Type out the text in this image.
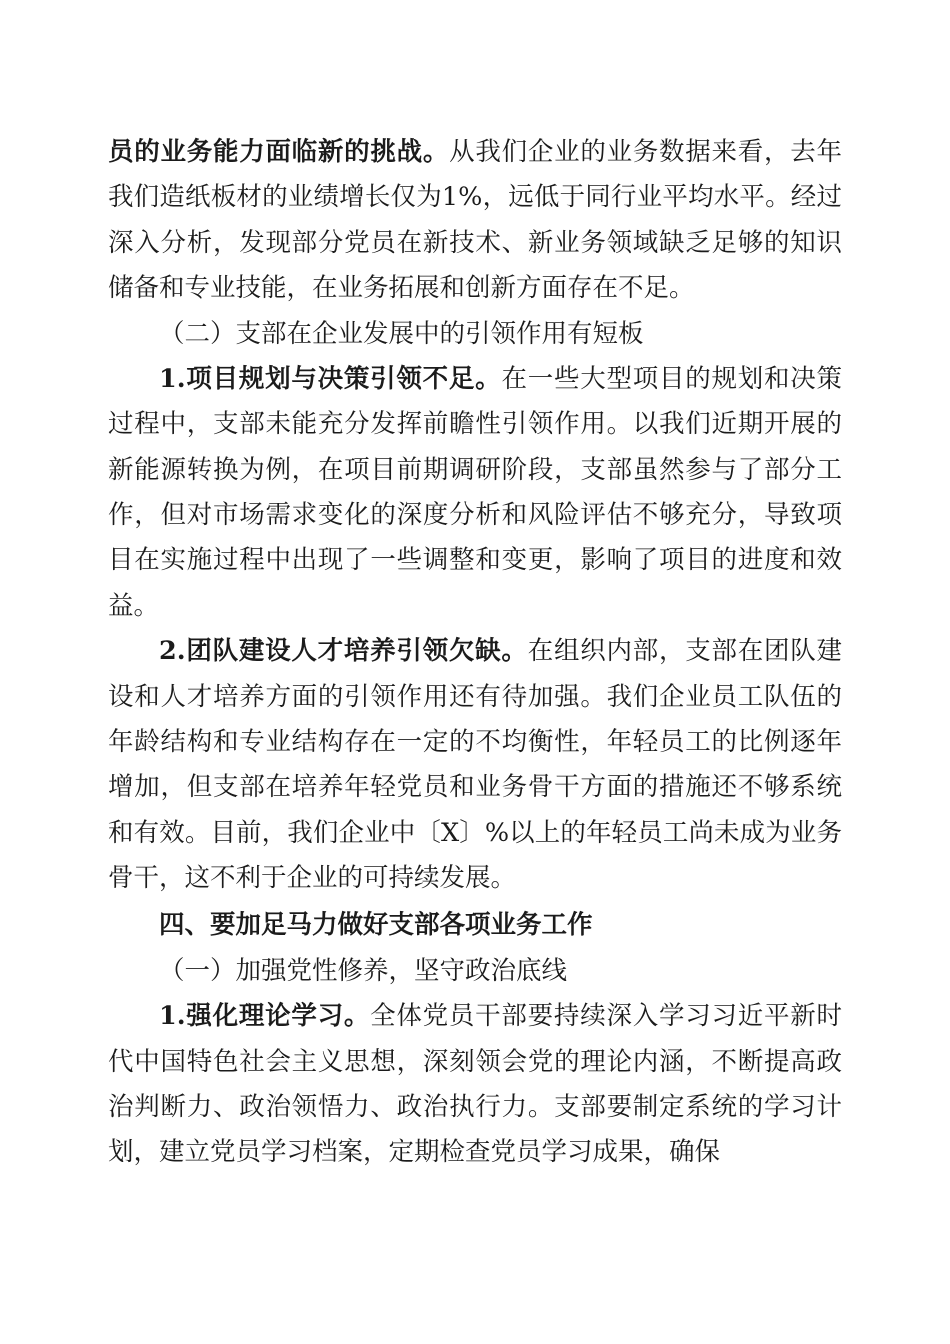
员的业务能力面临新的挑战。从我们企业的业务数据来看，去年我们造纸板材的业绩增长仅为1%，远低于同行业平均水平。经过深入分析，发现部分党员在新技术、新业务领域缺乏足够的知识储备和专业技能，在业务拓展和创新方面存在不足。

（二）支部在企业发展中的引领作用有短板

1.项目规划与决策引领不足。在一些大型项目的规划和决策过程中，支部未能充分发挥前瞻性引领作用。以我们近期开展的新能源转换为例，在项目前期调研阶段，支部虽然参与了部分工作，但对市场需求变化的深度分析和风险评估不够充分，导致项目在实施过程中出现了一些调整和变更，影响了项目的进度和效益。

2.团队建设人才培养引领欠缺。在组织内部，支部在团队建设和人才培养方面的引领作用还有待加强。我们企业员工队伍的年龄结构和专业结构存在一定的不均衡性，年轻员工的比例逐年增加，但支部在培养年轻党员和业务骨干方面的措施还不够系统和有效。目前，我们企业中〔X〕%以上的年轻员工尚未成为业务骨干，这不利于企业的可持续发展。

四、要加足马力做好支部各项业务工作

（一）加强党性修养，坚守政治底线

1.强化理论学习。全体党员干部要持续深入学习习近平新时代中国特色社会主义思想，深刻领会党的理论内涵，不断提高政治判断力、政治领悟力、政治执行力。支部要制定系统的学习计划，建立党员学习档案，定期检查党员学习成果，确保
